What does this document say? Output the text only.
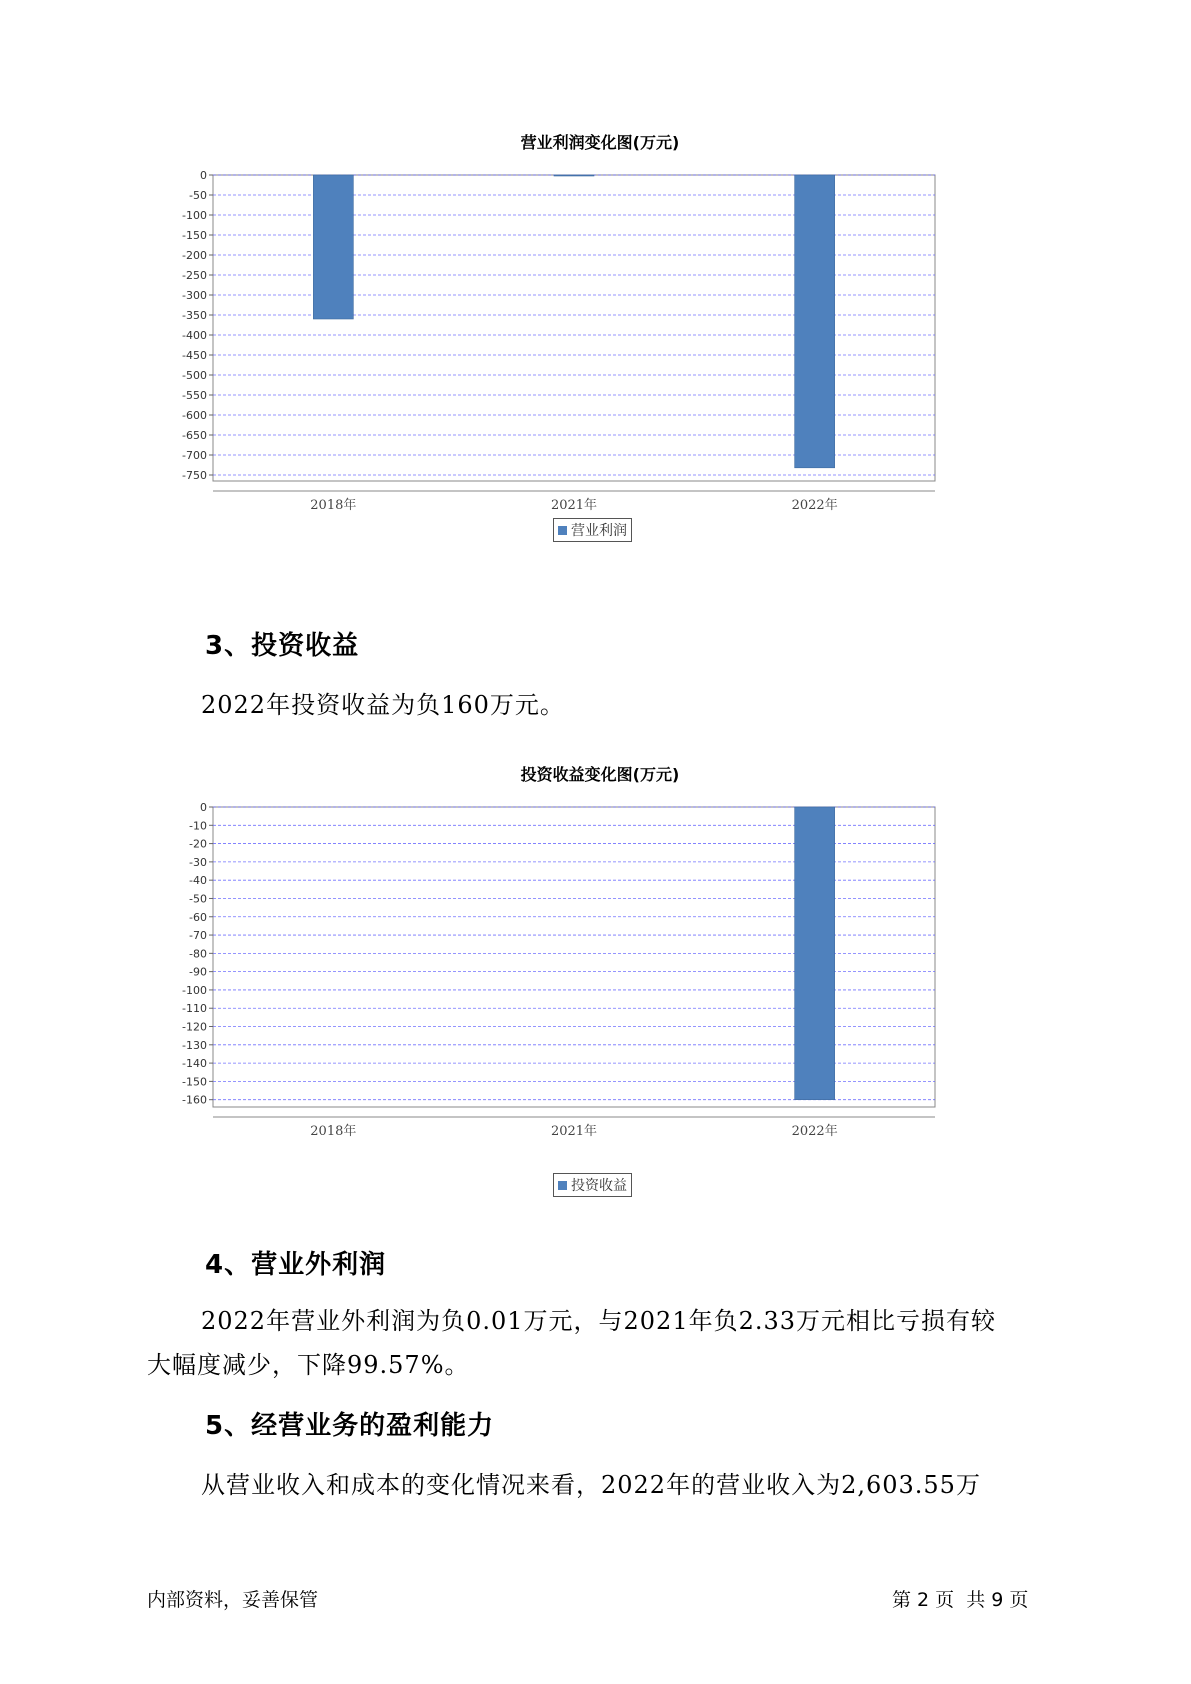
营业利润变化图(万元)
0
-50
-100
-150
-200
-250
-300
-350
-400
-450
-500
-550
-600
-650
-700
-750
2018年	2021年	2022年
营业利润
3、投资收益
2022年投资收益为负160万元。
投资收益变化图(万元)
0
-10
-20
-30
-40
-50
-60
-70
-80
-90
-100
-110
-120
-130
-140
-150
-160
2018年	2021年	2022年
投资收益
4、营业外利润
2022年营业外利润为负0.01万元，与2021年负2.33万元相比亏损有较
大幅度减少，下降99.57%。
5、经营业务的盈利能力
从营业收入和成本的变化情况来看，2022年的营业收入为2,603.55万
内部资料，妥善保管	第 2 页  共 9 页
